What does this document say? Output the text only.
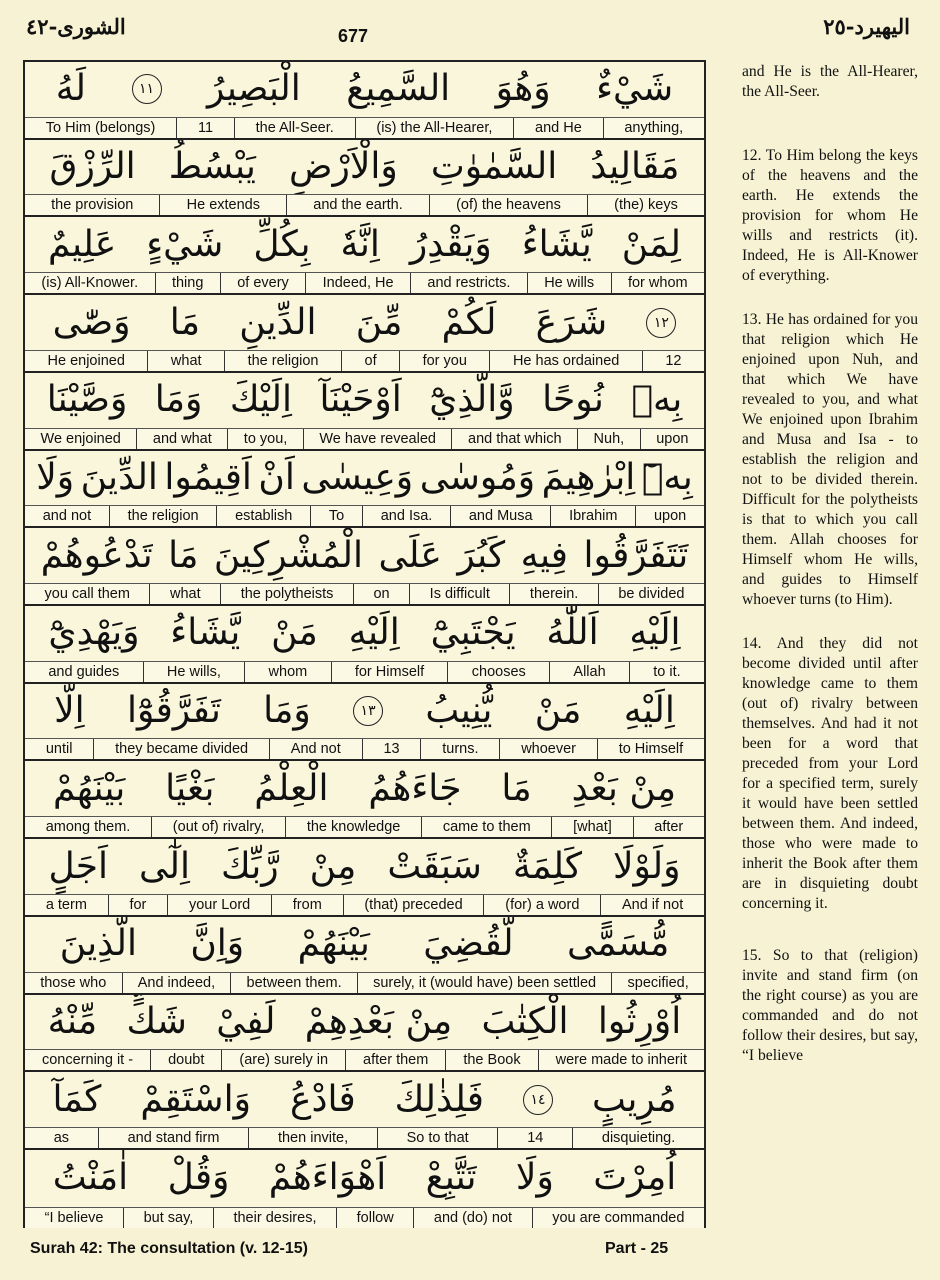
اليهيرد-٢٥
677
الشورى-٤٢
شَيْءٌ
وَهُوَ
السَّمِيعُ
الْبَصِيرُ
١١
لَهُ
anything,
and He
(is) the All-Hearer,
the All-Seer.
11
To Him (belongs)
مَقَالِيدُ
السَّمٰوٰتِ
وَالْاَرْضِ
يَبْسُطُ
الرِّزْقَ
(the) keys
(of) the heavens
and the earth.
He extends
the provision
لِمَنْ
يَّشَاءُ
وَيَقْدِرُ
اِنَّهٗ
بِكُلِّ
شَيْءٍ
عَلِيمٌ
for whom
He wills
and restricts.
Indeed, He
of every
thing
(is) All-Knower.
١٢
شَرَعَ
لَكُمْ
مِّنَ
الدِّينِ
مَا
وَصّٰى
12
He has ordained
for you
of
the religion
what
He enjoined
بِهٖ
نُوحًا
وَّالَّذِيْٓ
اَوْحَيْنَآ
اِلَيْكَ
وَمَا
وَصَّيْنَا
upon
Nuh,
and that which
We have revealed
to you,
and what
We enjoined
بِهٖٓ
اِبْرٰهِيمَ
وَمُوسٰى
وَعِيسٰى
اَنْ
اَقِيمُوا
الدِّينَ
وَلَا
upon
Ibrahim
and Musa
and Isa.
To
establish
the religion
and not
تَتَفَرَّقُوا
فِيهِ
كَبُرَ
عَلَى
الْمُشْرِكِينَ
مَا
تَدْعُوهُمْ
be divided
therein.
Is difficult
on
the polytheists
what
you call them
اِلَيْهِ
اَللّٰهُ
يَجْتَبِيْٓ
اِلَيْهِ
مَنْ
يَّشَاءُ
وَيَهْدِيْٓ
to it.
Allah
chooses
for Himself
whom
He wills,
and guides
اِلَيْهِ
مَنْ
يُّنِيبُ
١٣
وَمَا
تَفَرَّقُوْٓا
اِلَّا
to Himself
whoever
turns.
13
And not
they became divided
until
مِنْ بَعْدِ
مَا
جَاءَهُمُ
الْعِلْمُ
بَغْيًا
بَيْنَهُمْ
after
[what]
came to them
the knowledge
(out of) rivalry,
among them.
وَلَوْلَا
كَلِمَةٌ
سَبَقَتْ
مِنْ
رَّبِّكَ
اِلٰٓى
اَجَلٍ
And if not
(for) a word
(that) preceded
from
your Lord
for
a term
مُّسَمًّى
لَّقُضِيَ
بَيْنَهُمْ
وَاِنَّ
الَّذِينَ
specified,
surely, it (would have) been settled
between them.
And indeed,
those who
اُوْرِثُوا
الْكِتٰبَ
مِنْ بَعْدِهِمْ
لَفِيْ
شَكٍّ
مِّنْهُ
were made to inherit
the Book
after them
(are) surely in
doubt
concerning it -
مُرِيبٍ
١٤
فَلِذٰلِكَ
فَادْعُ
وَاسْتَقِمْ
كَمَآ
disquieting.
14
So to that
then invite,
and stand firm
as
اُمِرْتَ
وَلَا
تَتَّبِعْ
اَهْوَاءَهُمْ
وَقُلْ
اٰمَنْتُ
you are commanded
and (do) not
follow
their desires,
but say,
“I believe

and He is the All-Hearer, the All-Seer.

12. To Him belong the keys of the heavens and the earth. He extends the provision for whom He wills and restricts (it). Indeed, He is All-Knower of everything.

13. He has ordained for you that religion which He enjoined upon Nuh, and that which We have revealed to you, and what We enjoined upon Ibrahim and Musa and Isa - to establish the religion and not to be divided therein. Difficult for the polytheists is that to which you call them. Allah chooses for Himself whom He wills, and guides to Himself whoever turns (to Him).

14. And they did not become divided until after knowledge came to them (out of) rivalry between themselves. And had it not been for a word that preceded from your Lord for a specified term, surely it would have been settled between them. And indeed, those who were made to inherit the Book after them are in disquieting doubt concerning it.

15. So to that (religion) invite and stand firm (on the right course) as you are commanded and do not follow their desires, but say, “I believe

Surah 42: The consultation (v. 12-15)	Part - 25
